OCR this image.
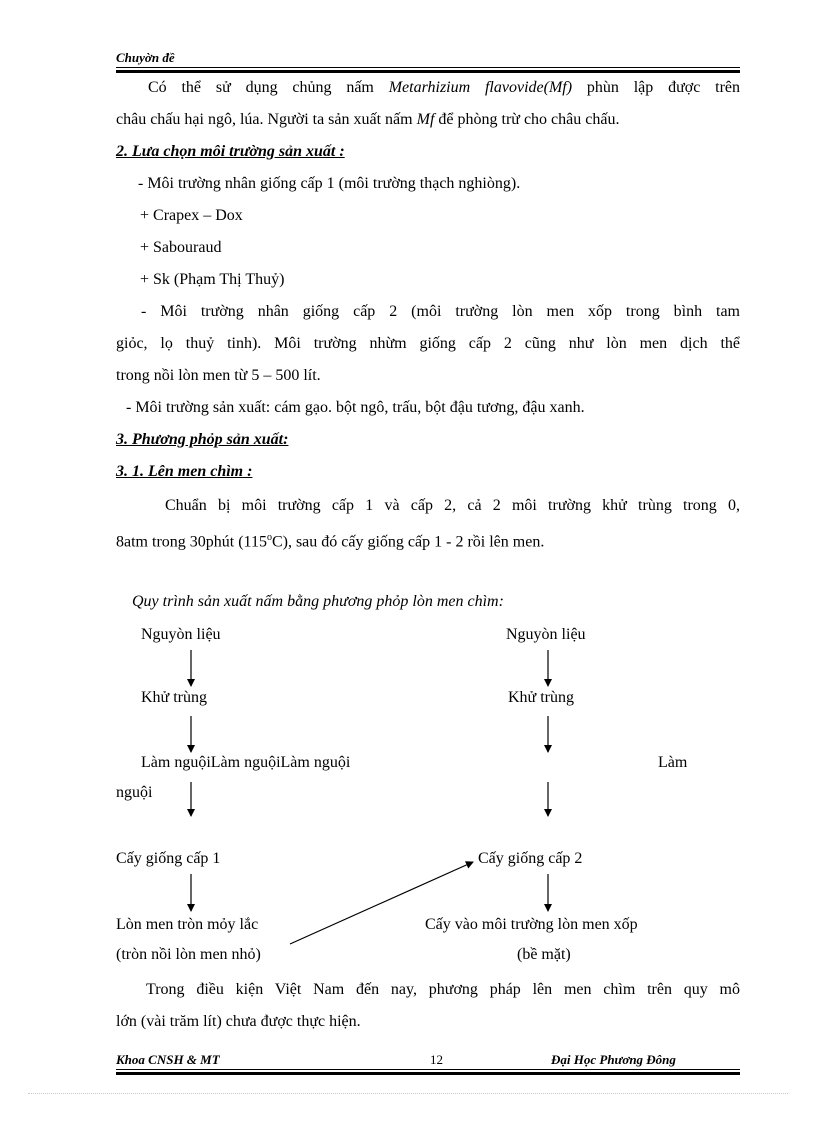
Chuyờn đề
Có thể sử dụng chủng nấm Metarhizium flavovide(Mf) phùn lập được trên
châu chấu hại ngô, lúa. Người ta sản xuất nấm Mf để phòng trừ cho châu chấu.
2. Lưa chọn môi trường sản xuất :
- Môi trường nhân giống cấp 1 (môi trường thạch nghiòng).
+ Crapex – Dox
+ Sabouraud
+ Sk (Phạm Thị Thuỷ)
- Môi trường nhân giống cấp 2 (môi trường lòn men xốp trong bình tam
giỏc, lọ thuỷ tinh). Môi trường nhừm giống cấp 2 cũng như lòn men dịch thể
trong nồi lòn men từ 5 – 500 lít.
- Môi trường sản xuất: cám gạo. bột ngô, trấu, bột đậu tương, đậu xanh.
3. Phương phỏp sản xuất:
3. 1. Lên men chìm :
Chuẩn bị môi trường cấp 1 và cấp 2, cả 2 môi trường khử trùng trong 0,
8atm trong 30phút (115$^o$C), sau đó cấy giống cấp 1 - 2 rồi lên men.
Quy trình sản xuất nấm bằng phương phỏp lòn men chìm:
Nguyòn liệu
Khử trùng
Làm nguộiLàm nguộiLàm nguội
nguội
Cấy giống cấp 1
Lòn men tròn mỏy lắc
(tròn nồi lòn men nhỏ)
Nguyòn liệu
Khử trùng
Làm
Cấy giống cấp 2
Cấy vào môi trường lòn men xốp
(bề mặt)
Trong điều kiện Việt Nam đến nay, phương pháp lên men chìm trên quy mô
lớn (vài trăm lít) chưa được thực hiện.
Khoa CNSH & MT	12	Đại Học Phương Đông
